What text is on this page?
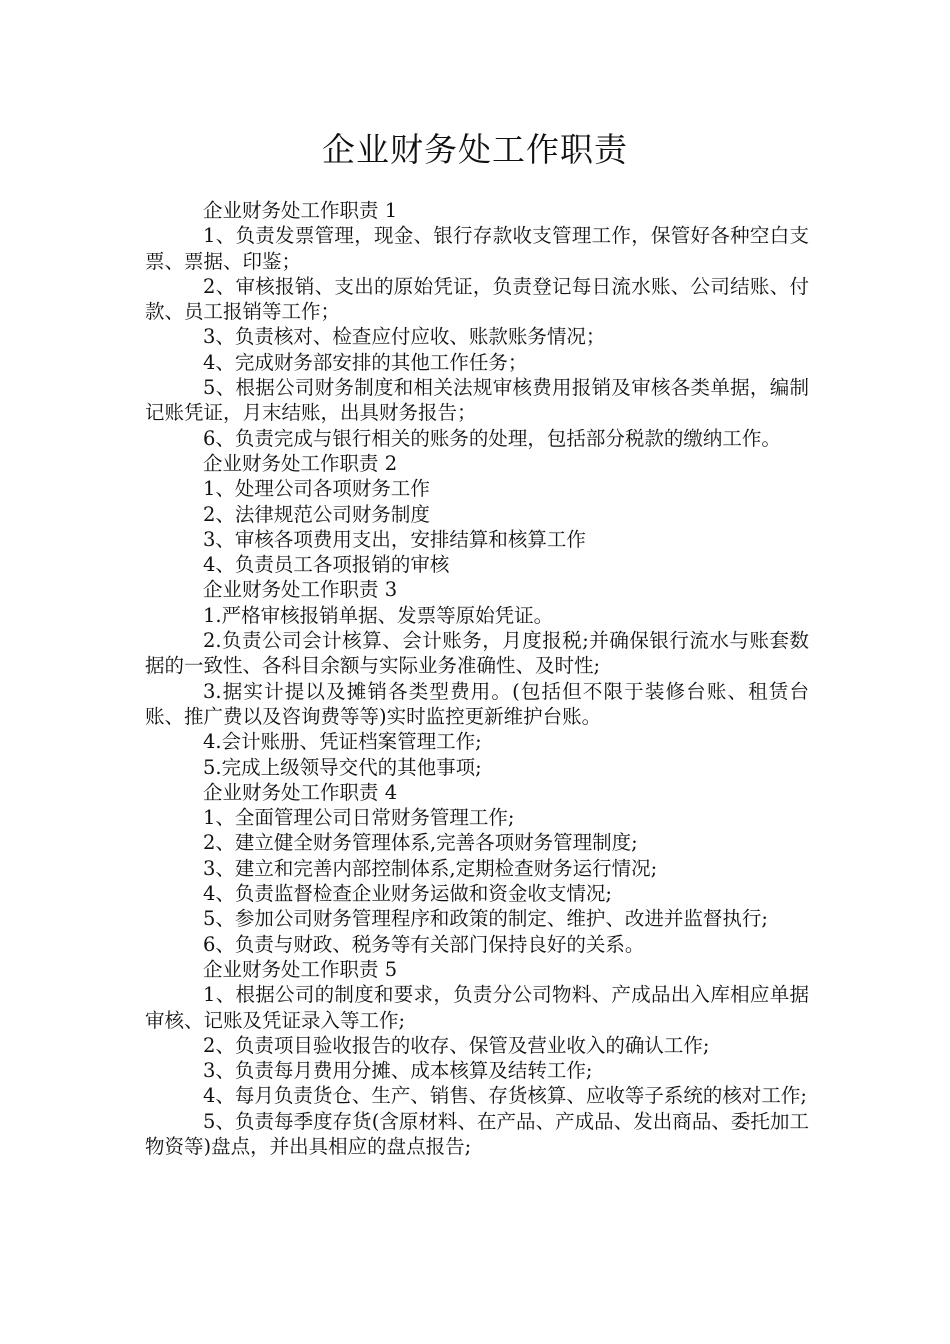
企业财务处工作职责

企业财务处工作职责 1

1、负责发票管理，现金、银行存款收支管理工作，保管好各种空白支票、票据、印鉴；

2、审核报销、支出的原始凭证，负责登记每日流水账、公司结账、付款、员工报销等工作；

3、负责核对、检查应付应收、账款账务情况；

4、完成财务部安排的其他工作任务；

5、根据公司财务制度和相关法规审核费用报销及审核各类单据，编制记账凭证，月末结账，出具财务报告；

6、负责完成与银行相关的账务的处理，包括部分税款的缴纳工作。

企业财务处工作职责 2

1、处理公司各项财务工作

2、法律规范公司财务制度

3、审核各项费用支出，安排结算和核算工作

4、负责员工各项报销的审核

企业财务处工作职责 3

1.严格审核报销单据、发票等原始凭证。

2.负责公司会计核算、会计账务，月度报税;并确保银行流水与账套数据的一致性、各科目余额与实际业务准确性、及时性;

3.据实计提以及摊销各类型费用。(包括但不限于装修台账、租赁台账、推广费以及咨询费等等)实时监控更新维护台账。

4.会计账册、凭证档案管理工作;

5.完成上级领导交代的其他事项;

企业财务处工作职责 4

1、全面管理公司日常财务管理工作;

2、建立健全财务管理体系,完善各项财务管理制度;

3、建立和完善内部控制体系,定期检查财务运行情况;

4、负责监督检查企业财务运做和资金收支情况;

5、参加公司财务管理程序和政策的制定、维护、改进并监督执行;

6、负责与财政、税务等有关部门保持良好的关系。

企业财务处工作职责 5

1、根据公司的制度和要求，负责分公司物料、产成品出入库相应单据审核、记账及凭证录入等工作;

2、负责项目验收报告的收存、保管及营业收入的确认工作;

3、负责每月费用分摊、成本核算及结转工作;

4、每月负责货仓、生产、销售、存货核算、应收等子系统的核对工作;

5、负责每季度存货(含原材料、在产品、产成品、发出商品、委托加工物资等)盘点，并出具相应的盘点报告;
